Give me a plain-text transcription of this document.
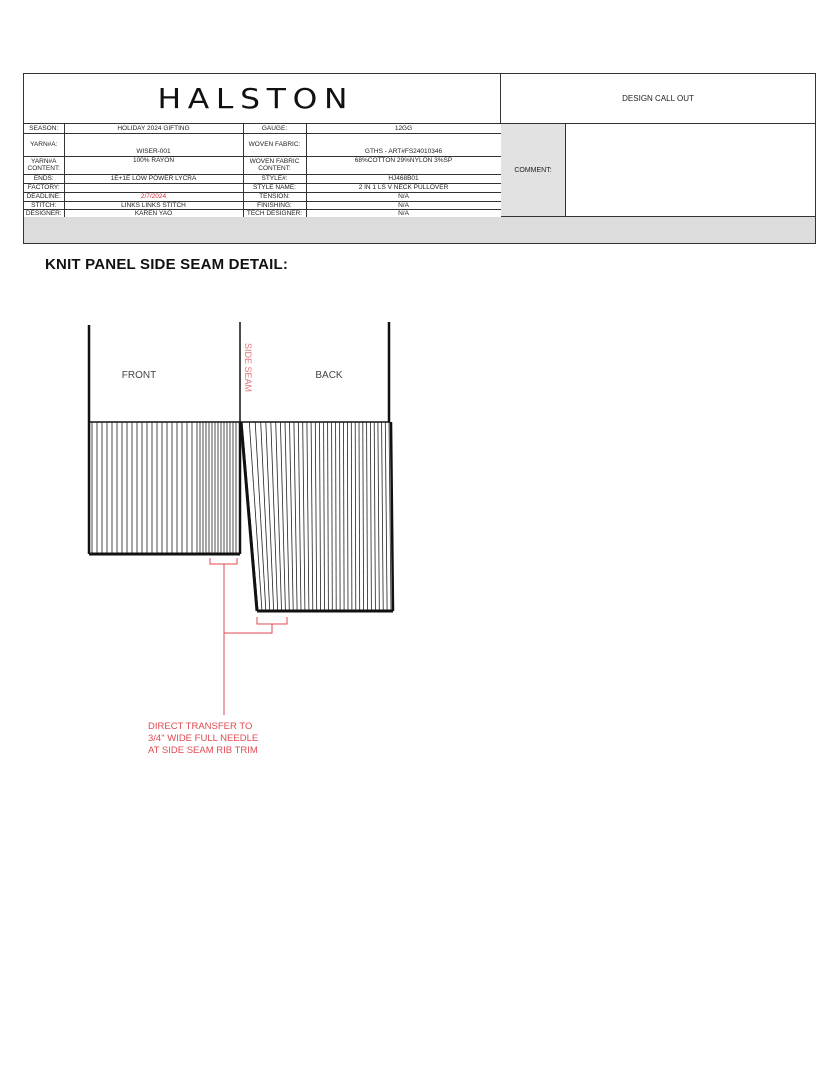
HALSTON	DESIGN CALL OUT
SEASON:	HOLIDAY 2024 GIFTING	GAUGE:	12GG
YARN#A:	WISER-001	WOVEN FABRIC:	GTHS - ART#FS24010346
YARN#A CONTENT:	100% RAYON	WOVEN FABRIC CONTENT:	68%COTTON 29%NYLON 3%SP
ENDS:	1E+1E LOW POWER LYCRA	STYLE#:	HJ468B01
FACTORY:		STYLE NAME:	2 IN 1 LS V NECK PULLOVER
DEADLINE:	2/7/2024	TENSION:	N/A
STITCH:	LINKS LINKS STITCH	FINISHING:	N/A
DESIGNER:	KAREN YAO	TECH DESIGNER:	N/A
COMMENT:
KNIT PANEL SIDE SEAM DETAIL:
FRONT	BACK
SIDE SEAM
DIRECT TRANSFER TO 3/4" WIDE FULL NEEDLE AT SIDE SEAM RIB TRIM
